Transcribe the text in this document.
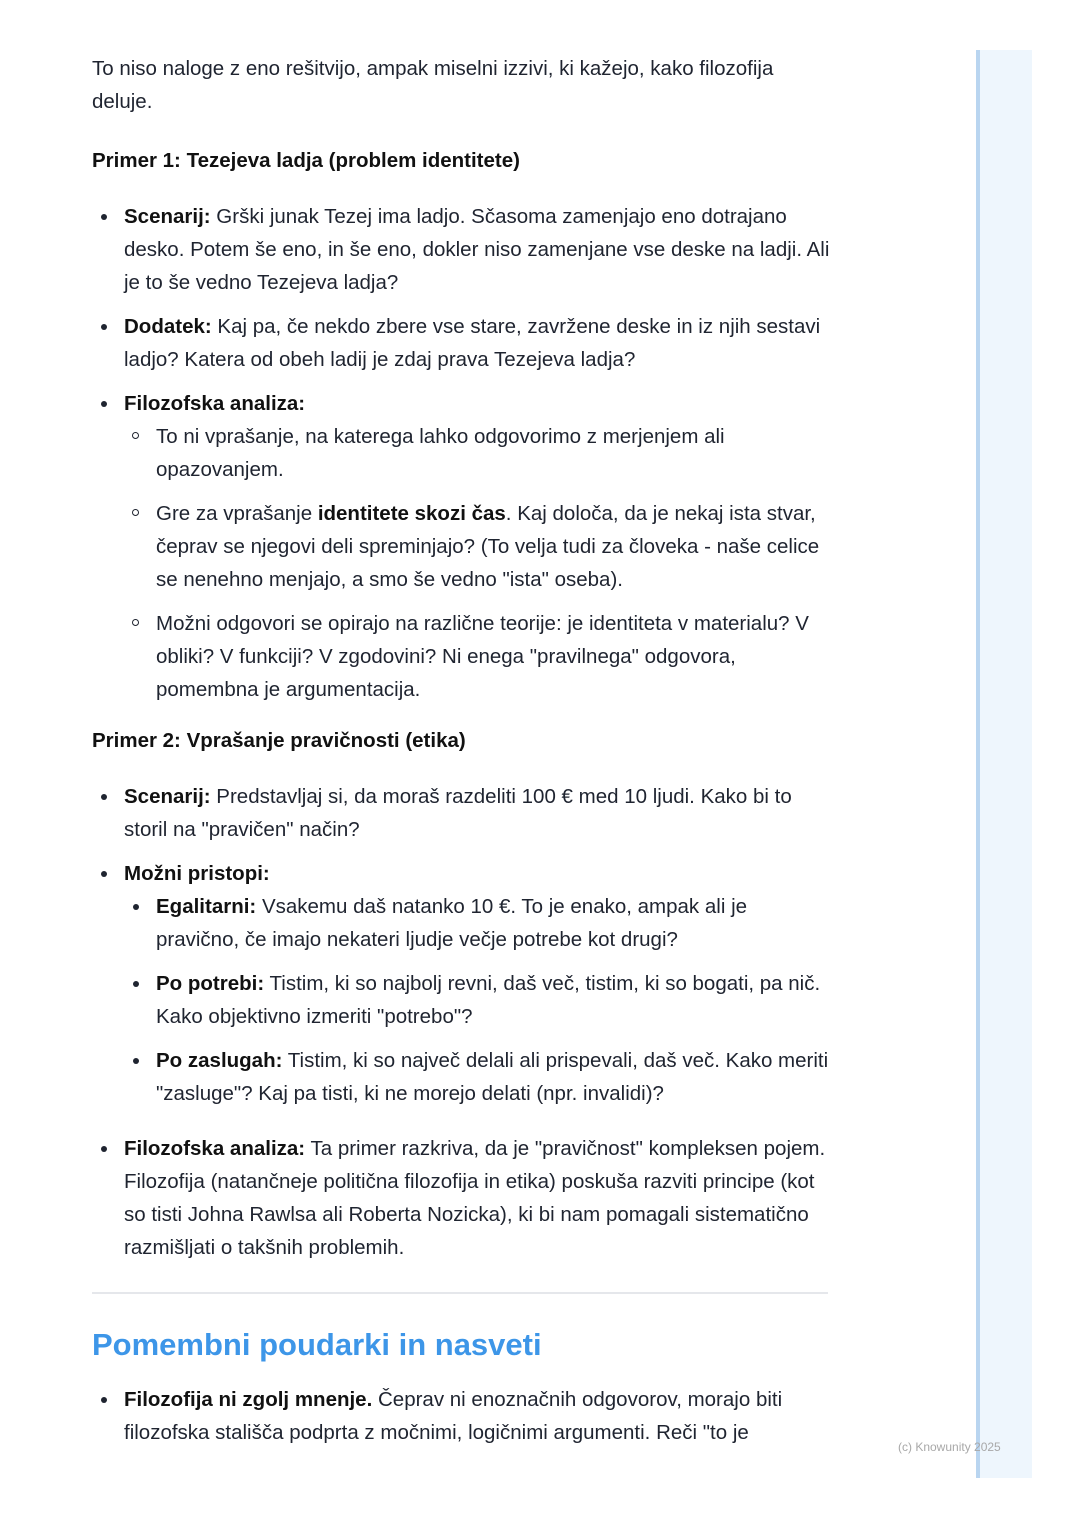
To niso naloge z eno rešitvijo, ampak miselni izzivi, ki kažejo, kako filozofija deluje.

Primer 1: Tezejeva ladja (problem identitete)
Scenarij: Grški junak Tezej ima ladjo. Sčasoma zamenjajo eno dotrajano desko. Potem še eno, in še eno, dokler niso zamenjane vse deske na ladji. Ali je to še vedno Tezejeva ladja?
Dodatek: Kaj pa, če nekdo zbere vse stare, zavržene deske in iz njih sestavi ladjo? Katera od obeh ladij je zdaj prava Tezejeva ladja?
Filozofska analiza:
To ni vprašanje, na katerega lahko odgovorimo z merjenjem ali opazovanjem.
Gre za vprašanje identitete skozi čas. Kaj določa, da je nekaj ista stvar, čeprav se njegovi deli spreminjajo? (To velja tudi za človeka - naše celice se nenehno menjajo, a smo še vedno "ista" oseba).
Možni odgovori se opirajo na različne teorije: je identiteta v materialu? V obliki? V funkciji? V zgodovini? Ni enega "pravilnega" odgovora, pomembna je argumentacija.
Primer 2: Vprašanje pravičnosti (etika)
Scenarij: Predstavljaj si, da moraš razdeliti 100 € med 10 ljudi. Kako bi to storil na "pravičen" način?
Možni pristopi:
Egalitarni: Vsakemu daš natanko 10 €. To je enako, ampak ali je pravično, če imajo nekateri ljudje večje potrebe kot drugi?
Po potrebi: Tistim, ki so najbolj revni, daš več, tistim, ki so bogati, pa nič. Kako objektivno izmeriti "potrebo"?
Po zaslugah: Tistim, ki so največ delali ali prispevali, daš več. Kako meriti "zasluge"? Kaj pa tisti, ki ne morejo delati (npr. invalidi)?
Filozofska analiza: Ta primer razkriva, da je "pravičnost" kompleksen pojem. Filozofija (natančneje politična filozofija in etika) poskuša razviti principe (kot so tisti Johna Rawlsa ali Roberta Nozicka), ki bi nam pomagali sistematično razmišljati o takšnih problemih.
Pomembni poudarki in nasveti
Filozofija ni zgolj mnenje. Čeprav ni enoznačnih odgovorov, morajo biti filozofska stališča podprta z močnimi, logičnimi argumenti. Reči "to je
(c) Knowunity 2025
